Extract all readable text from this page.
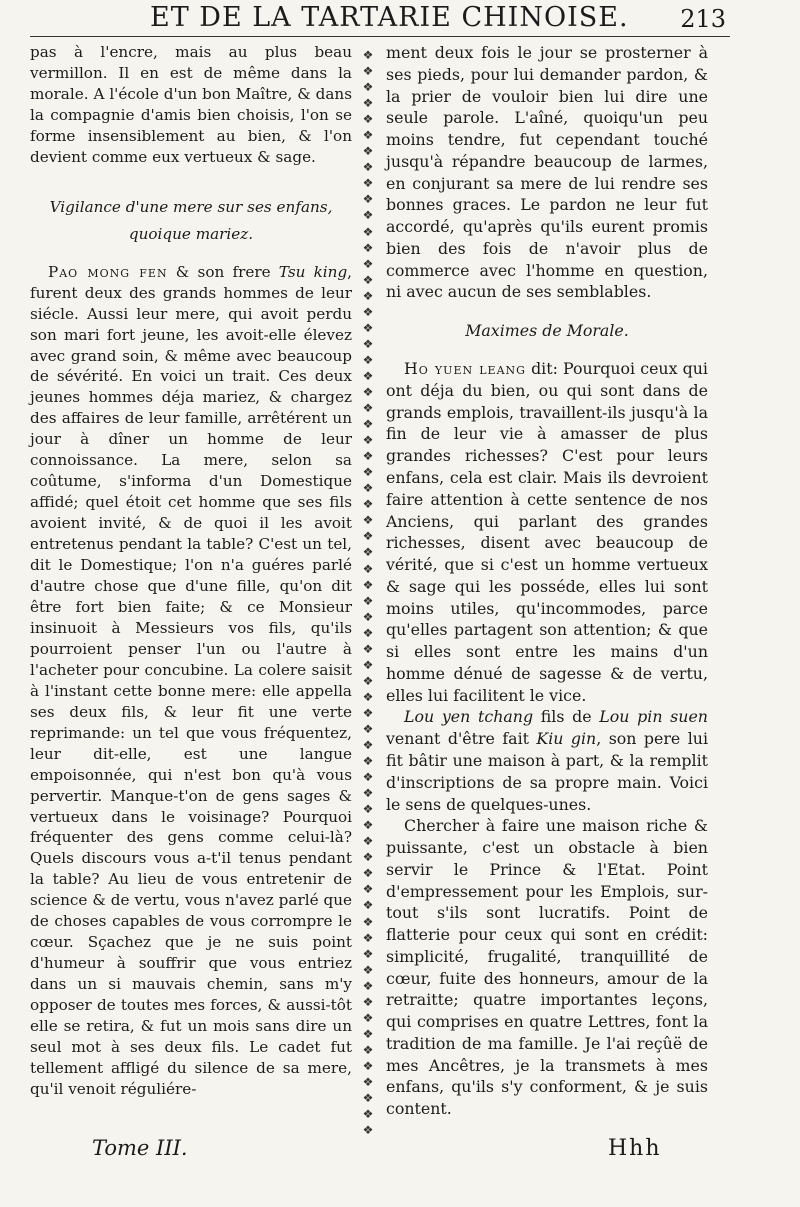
ET DE LA TARTARIE CHINOISE. 213

pas à l'encre, mais au plus beau vermillon. Il en est de même dans la morale. A l'école d'un bon Maître, & dans la compagnie d'amis bien choisis, l'on se forme insensiblement au bien, & l'on devient comme eux vertueux & sage.

Vigilance d'une mere sur ses enfans, quoique mariez.

Pao mong fen & son frere Tsu king, furent deux des grands hommes de leur siécle. Aussi leur mere, qui avoit perdu son mari fort jeune, les avoit-elle élevez avec grand soin, & même avec beaucoup de sévérité. En voici un trait. Ces deux jeunes hommes déja mariez, & chargez des affaires de leur famille, arrêtérent un jour à dîner un homme de leur connoissance. La mere, selon sa coûtume, s'informa d'un Domestique affidé; quel étoit cet homme que ses fils avoient invité, & de quoi il les avoit entretenus pendant la table? C'est un tel, dit le Domestique; l'on n'a guéres parlé d'autre chose que d'une fille, qu'on dit être fort bien faite; & ce Monsieur insinuoit à Messieurs vos fils, qu'ils pourroient penser l'un ou l'autre à l'acheter pour concubine. La colere saisit à l'instant cette bonne mere: elle appella ses deux fils, & leur fit une verte reprimande: un tel que vous fréquentez, leur dit-elle, est une langue empoisonnée, qui n'est bon qu'à vous pervertir. Manque-t'on de gens sages & vertueux dans le voisinage? Pourquoi fréquenter des gens comme celui-là? Quels discours vous a-t'il tenus pendant la table? Au lieu de vous entretenir de science & de vertu, vous n'avez parlé que de choses capables de vous corrompre le cœur. Sçachez que je ne suis point d'humeur à souffrir que vous entriez dans un si mauvais chemin, sans m'y opposer de toutes mes forces, & aussi-tôt elle se retira, & fut un mois sans dire un seul mot à ses deux fils. Le cadet fut tellement affligé du silence de sa mere, qu'il venoit réguliére-

❖
❖
❖
❖
❖
❖
❖
❖
❖
❖
❖
❖
❖
❖
❖
❖
❖
❖
❖
❖
❖
❖
❖
❖
❖
❖
❖
❖
❖
❖
❖
❖
❖
❖
❖
❖
❖
❖
❖
❖
❖
❖
❖
❖
❖
❖
❖
❖
❖
❖
❖
❖
❖
❖
❖
❖
❖
❖
❖
❖
❖
❖
❖
❖
❖
❖
❖
❖

ment deux fois le jour se prosterner à ses pieds, pour lui demander pardon, & la prier de vouloir bien lui dire une seule parole. L'aîné, quoiqu'un peu moins tendre, fut cependant touché jusqu'à répandre beaucoup de larmes, en conjurant sa mere de lui rendre ses bonnes graces. Le pardon ne leur fut accordé, qu'après qu'ils eurent promis bien des fois de n'avoir plus de commerce avec l'homme en question, ni avec aucun de ses semblables.

Maximes de Morale.

Ho yuen leang dit: Pourquoi ceux qui ont déja du bien, ou qui sont dans de grands emplois, travaillent-ils jusqu'à la fin de leur vie à amasser de plus grandes richesses? C'est pour leurs enfans, cela est clair. Mais ils devroient faire attention à cette sentence de nos Anciens, qui parlant des grandes richesses, disent avec beaucoup de vérité, que si c'est un homme vertueux & sage qui les posséde, elles lui sont moins utiles, qu'incommodes, parce qu'elles partagent son attention; & que si elles sont entre les mains d'un homme dénué de sagesse & de vertu, elles lui facilitent le vice.

Lou yen tchang fils de Lou pin suen venant d'être fait Kiu gin, son pere lui fit bâtir une maison à part, & la remplit d'inscriptions de sa propre main. Voici le sens de quelques-unes.

Chercher à faire une maison riche & puissante, c'est un obstacle à bien servir le Prince & l'Etat. Point d'empressement pour les Emplois, sur-tout s'ils sont lucratifs. Point de flatterie pour ceux qui sont en crédit: simplicité, frugalité, tranquillité de cœur, fuite des honneurs, amour de la retraitte; quatre importantes leçons, qui comprises en quatre Lettres, font la tradition de ma famille. Je l'ai reçûë de mes Ancêtres, je la transmets à mes enfans, qu'ils s'y conforment, & je suis content.

Tome III.	Hhh
